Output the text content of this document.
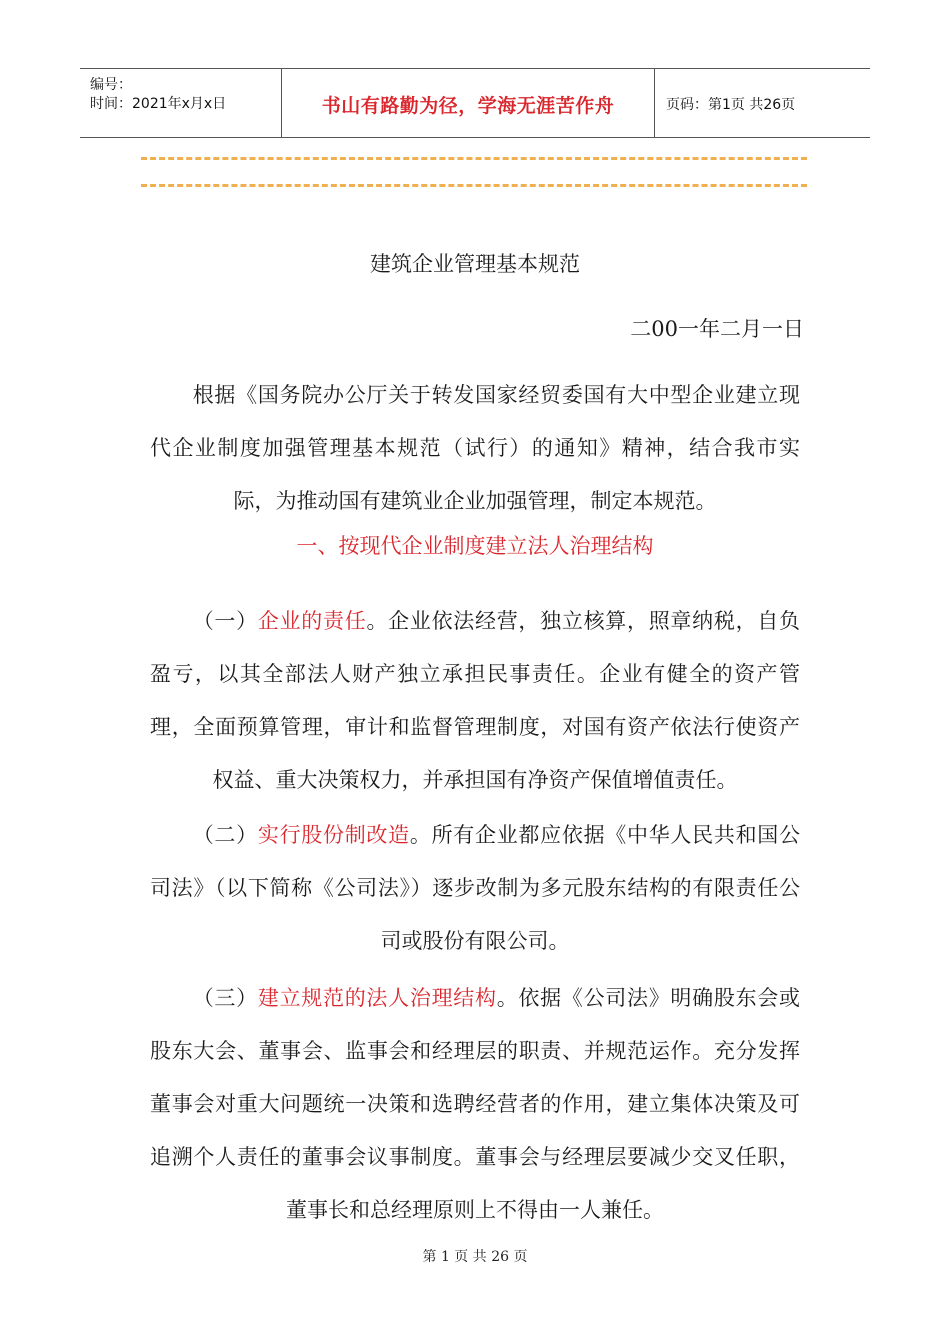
编号：
时间：2021年x月x日	书山有路勤为径，学海无涯苦作舟	页码：第1页 共26页
建筑企业管理基本规范
二00一年二月一日
根据《国务院办公厅关于转发国家经贸委国有大中型企业建立现代企业制度加强管理基本规范（试行）的通知》精神，结合我市实际，为推动国有建筑业企业加强管理，制定本规范。
一、按现代企业制度建立法人治理结构
（一）企业的责任。企业依法经营，独立核算，照章纳税，自负盈亏，以其全部法人财产独立承担民事责任。企业有健全的资产管理，全面预算管理，审计和监督管理制度，对国有资产依法行使资产权益、重大决策权力，并承担国有净资产保值增值责任。
（二）实行股份制改造。所有企业都应依据《中华人民共和国公司法》（以下简称《公司法》）逐步改制为多元股东结构的有限责任公司或股份有限公司。
（三）建立规范的法人治理结构。依据《公司法》明确股东会或股东大会、董事会、监事会和经理层的职责、并规范运作。充分发挥董事会对重大问题统一决策和选聘经营者的作用，建立集体决策及可追溯个人责任的董事会议事制度。董事会与经理层要减少交叉任职，董事长和总经理原则上不得由一人兼任。
第 1 页 共 26 页
